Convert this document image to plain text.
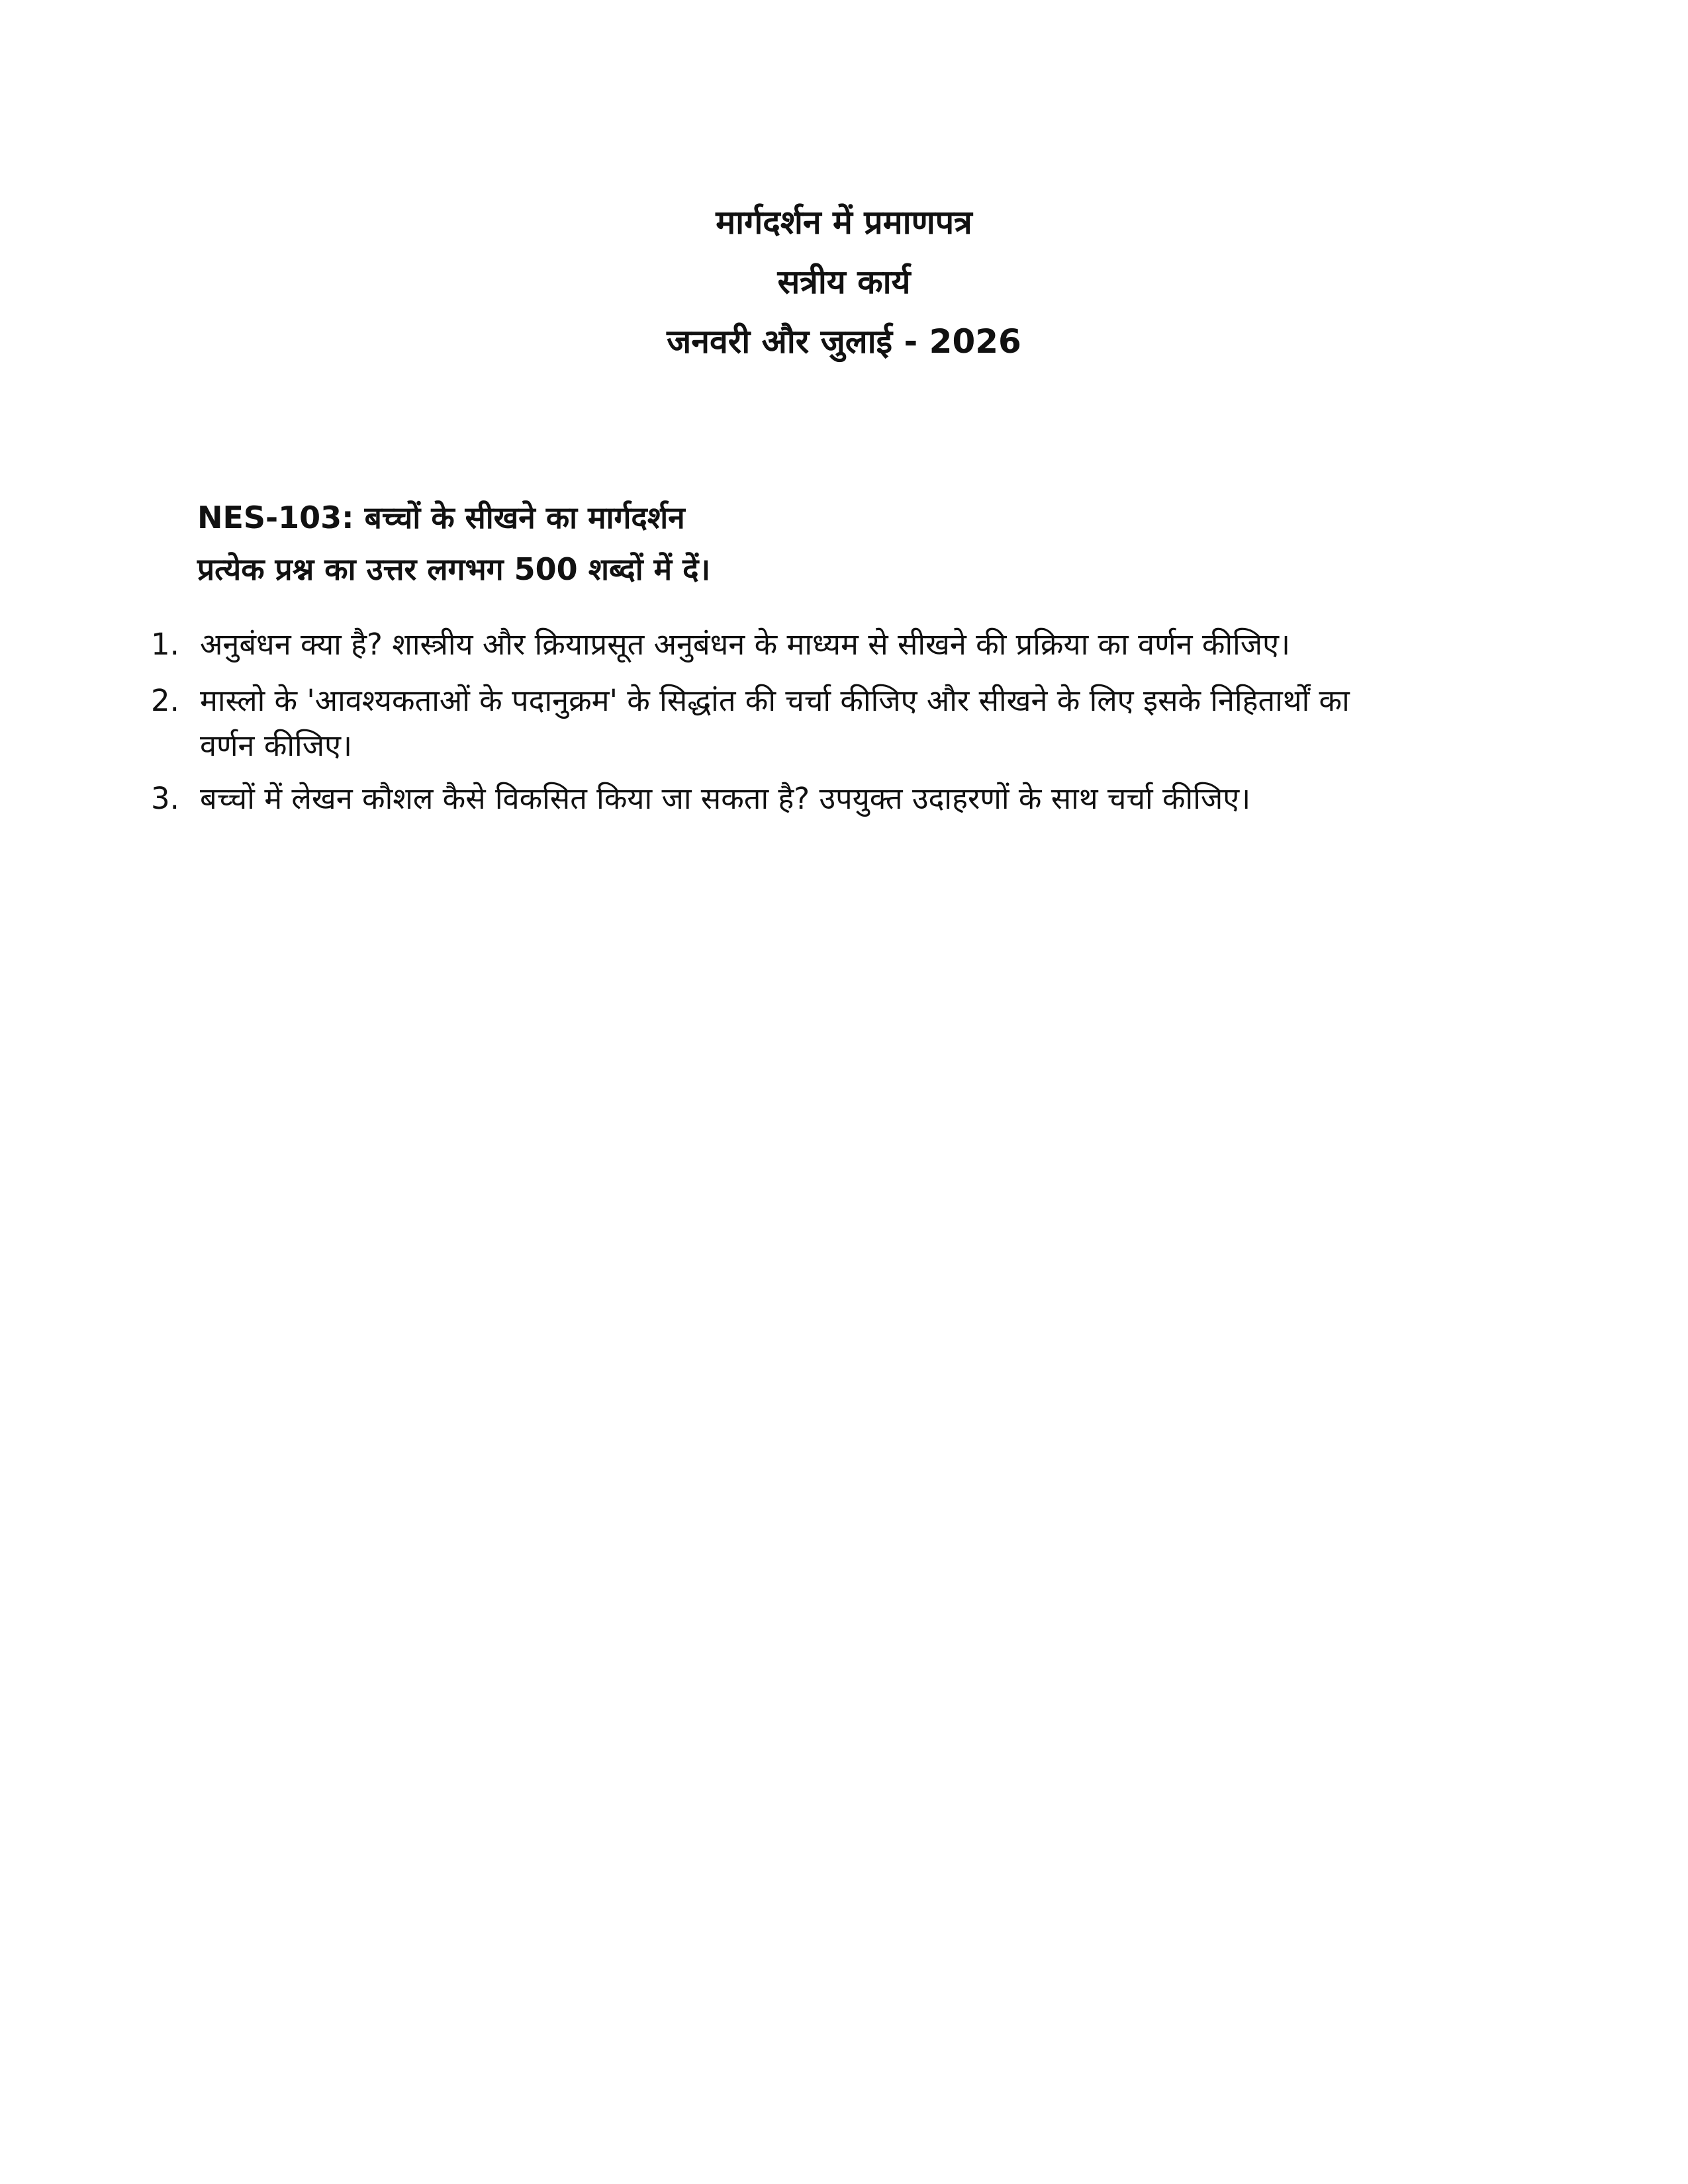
मार्गदर्शन में प्रमाणपत्र
सत्रीय कार्य
जनवरी और जुलाई - 2026
NES-103: बच्चों के सीखने का मार्गदर्शन
प्रत्येक प्रश्न का उत्तर लगभग 500 शब्दों में दें।
1. अनुबंधन क्या है? शास्त्रीय और क्रियाप्रसूत अनुबंधन के माध्यम से सीखने की प्रक्रिया का वर्णन कीजिए।
2. मास्लो के 'आवश्यकताओं के पदानुक्रम' के सिद्धांत की चर्चा कीजिए और सीखने के लिए इसके निहितार्थों का
वर्णन कीजिए।
3. बच्चों में लेखन कौशल कैसे विकसित किया जा सकता है? उपयुक्त उदाहरणों के साथ चर्चा कीजिए।
